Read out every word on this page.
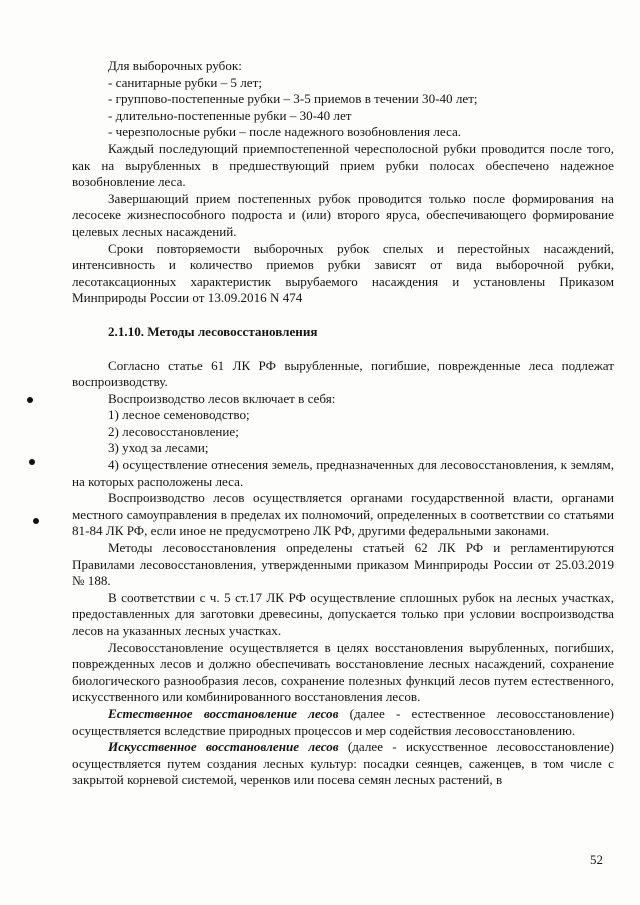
Для выборочных рубок:
- санитарные рубки – 5 лет;
- группово-постепенные рубки – 3-5 приемов в течении 30-40 лет;
- длительно-постепенные рубки – 30-40 лет
- черезполосные рубки – после надежного возобновления леса.
Каждый последующий приемпостепенной чересполосной рубки проводится после того, как на вырубленных в предшествующий прием рубки полосах обеспечено надежное возобновление леса.
Завершающий прием постепенных рубок проводится только после формирования на лесосеке жизнеспособного подроста и (или) второго яруса, обеспечивающего формирование целевых лесных насаждений.
Сроки повторяемости выборочных рубок спелых и перестойных насаждений, интенсивность и количество приемов рубки зависят от вида выборочной рубки, лесотаксационных характеристик вырубаемого насаждения и установлены Приказом Минприроды России от 13.09.2016 N 474
2.1.10. Методы лесовосстановления
Согласно статье 61 ЛК РФ вырубленные, погибшие, поврежденные леса подлежат воспроизводству.
Воспроизводство лесов включает в себя:
1) лесное семеноводство;
2) лесовосстановление;
3) уход за лесами;
4) осуществление отнесения земель, предназначенных для лесовосстановления, к землям, на которых расположены леса.
Воспроизводство лесов осуществляется органами государственной власти, органами местного самоуправления в пределах их полномочий, определенных в соответствии со статьями 81-84 ЛК РФ, если иное не предусмотрено ЛК РФ, другими федеральными законами.
Методы лесовосстановления определены статьей 62 ЛК РФ и регламентируются Правилами лесовосстановления, утвержденными приказом Минприроды России от 25.03.2019 № 188.
В соответствии с ч. 5 ст.17 ЛК РФ осуществление сплошных рубок на лесных участках, предоставленных для заготовки древесины, допускается только при условии воспроизводства лесов на указанных лесных участках.
Лесовосстановление осуществляется в целях восстановления вырубленных, погибших, поврежденных лесов и должно обеспечивать восстановление лесных насаждений, сохранение биологического разнообразия лесов, сохранение полезных функций лесов путем естественного, искусственного или комбинированного восстановления лесов.
Естественное восстановление лесов (далее - естественное лесовосстановление) осуществляется вследствие природных процессов и мер содействия лесовосстановлению.
Искусственное восстановление лесов (далее - искусственное лесовосстановление) осуществляется путем создания лесных культур: посадки сеянцев, саженцев, в том числе с закрытой корневой системой, черенков или посева семян лесных растений, в
52
